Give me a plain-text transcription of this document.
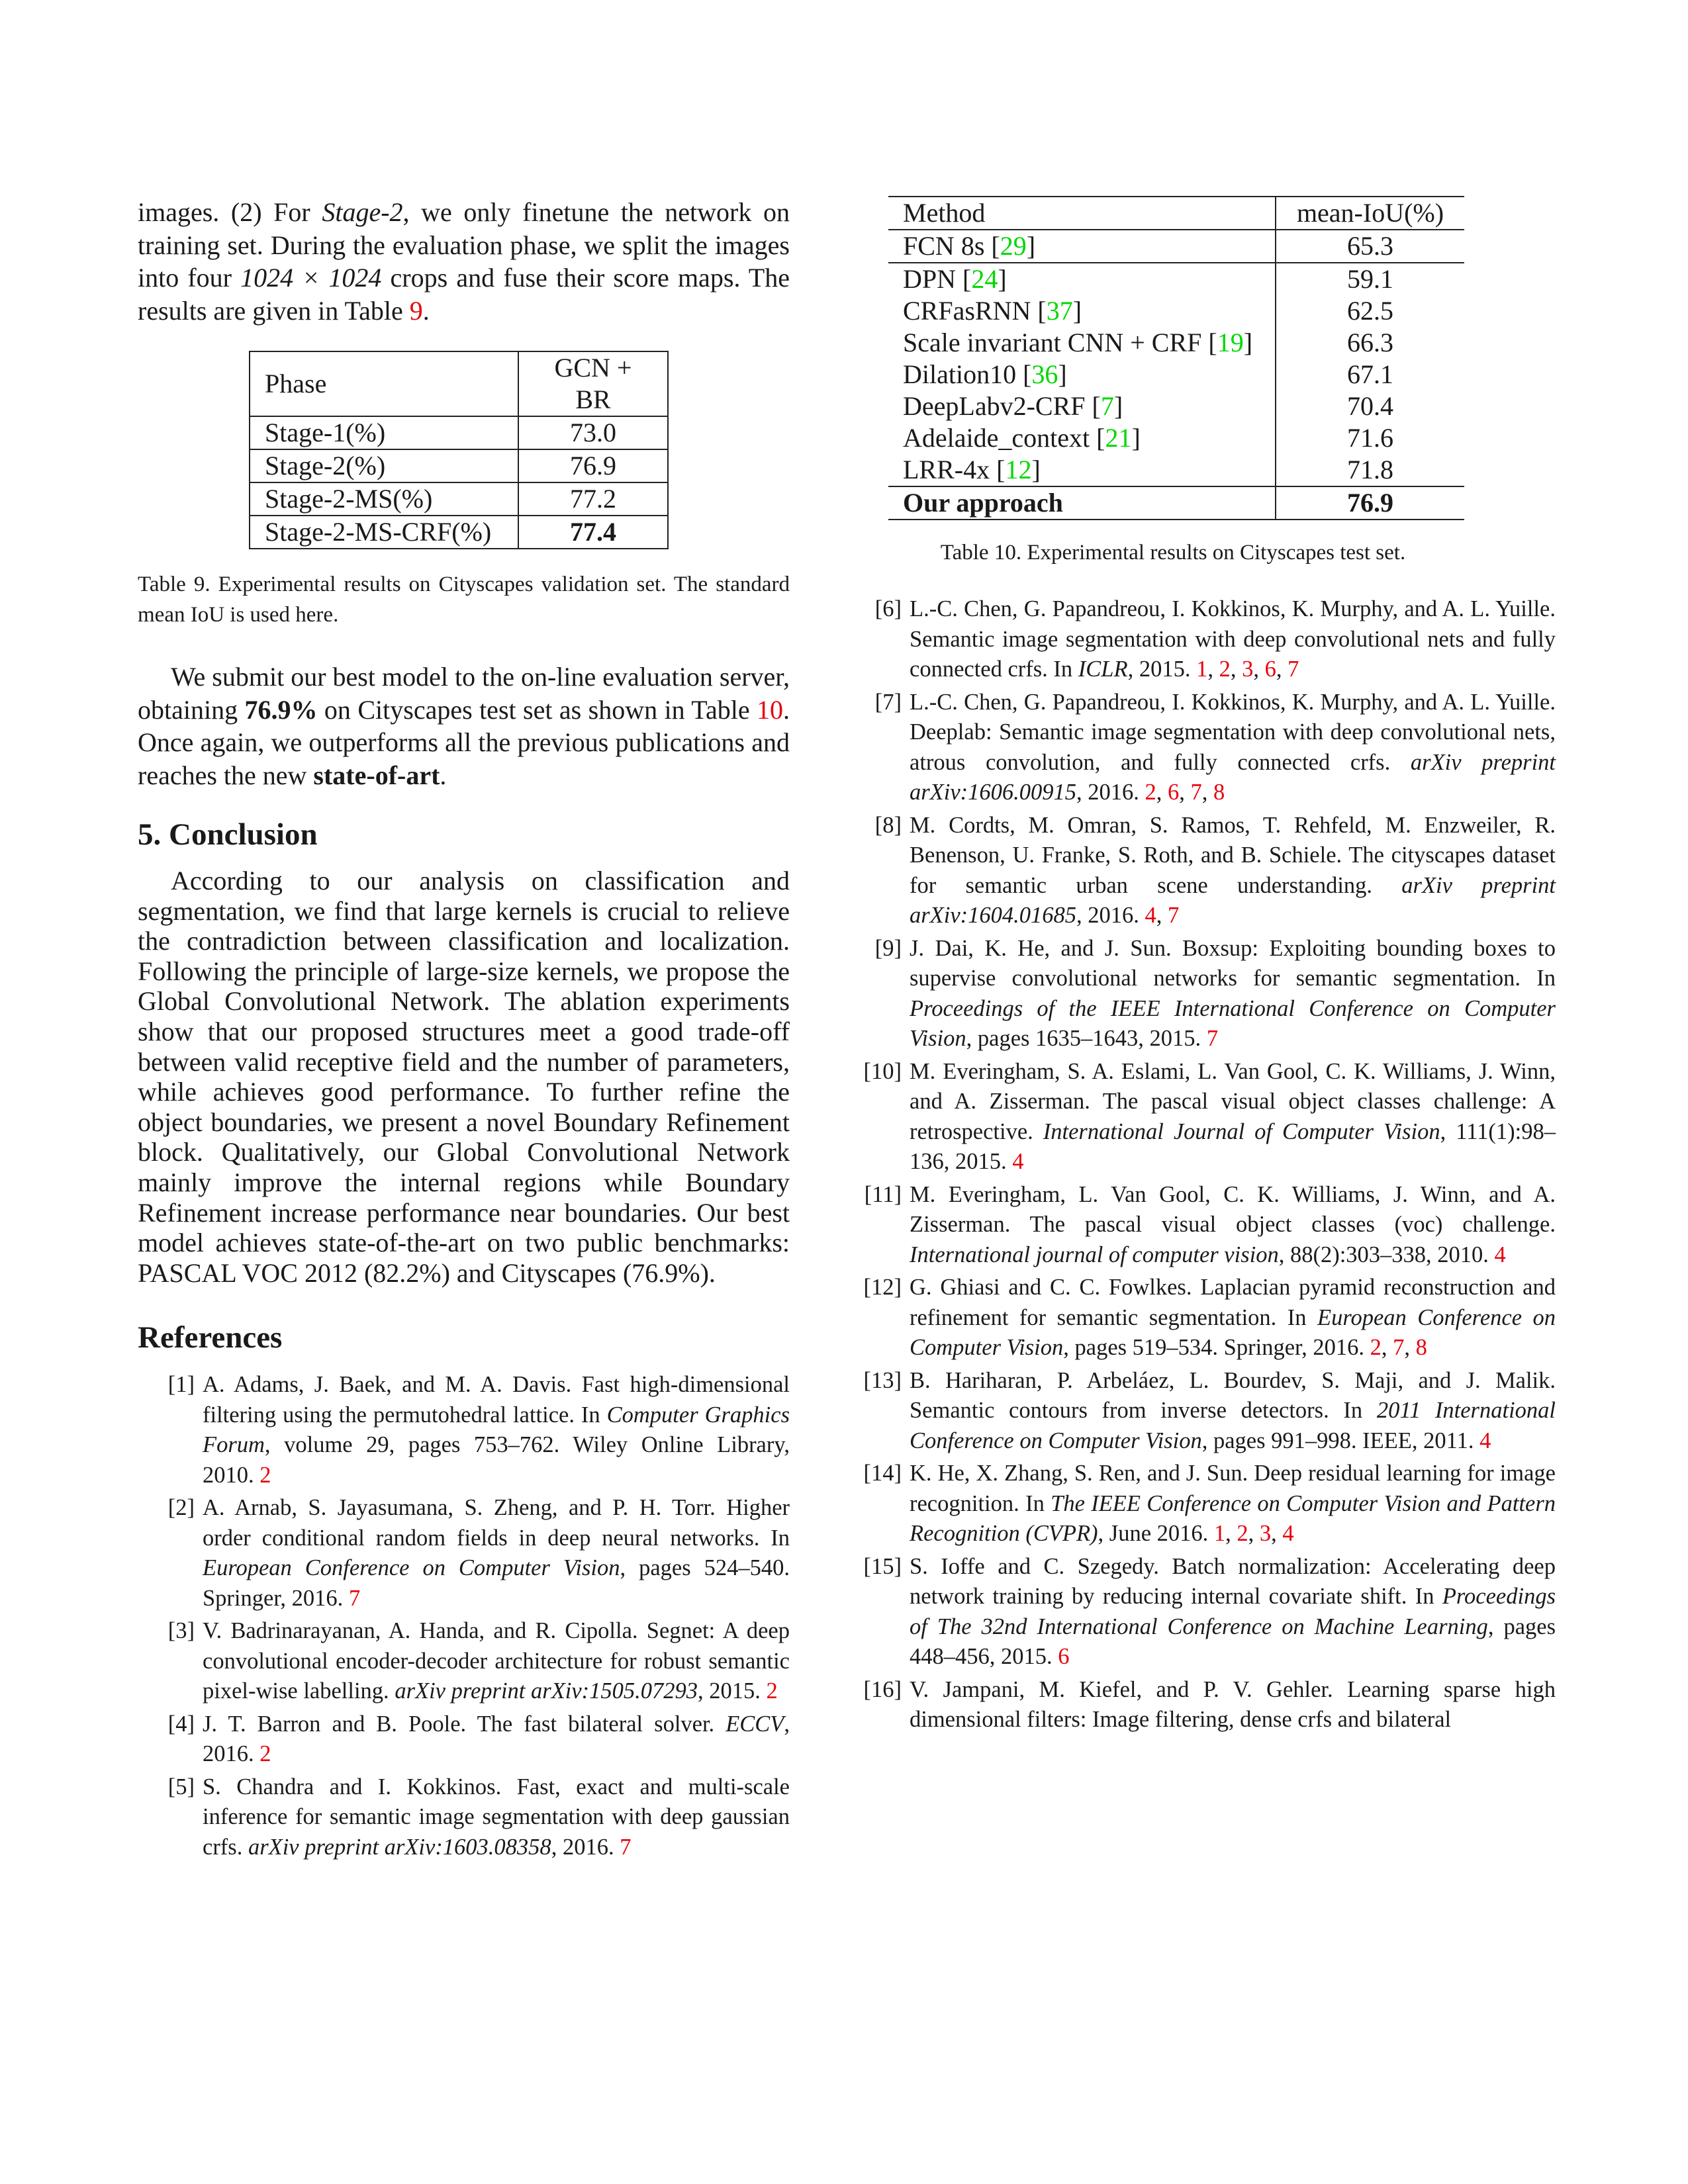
images. (2) For Stage-2, we only finetune the network on training set. During the evaluation phase, we split the images into four 1024 × 1024 crops and fuse their score maps. The results are given in Table 9.

Phase	GCN + BR
Stage-1(%)	73.0
Stage-2(%)	76.9
Stage-2-MS(%)	77.2
Stage-2-MS-CRF(%)	77.4

Table 9. Experimental results on Cityscapes validation set. The standard mean IoU is used here.

We submit our best model to the on-line evaluation server, obtaining 76.9% on Cityscapes test set as shown in Table 10. Once again, we outperforms all the previous publications and reaches the new state-of-art.

5. Conclusion

According to our analysis on classification and segmentation, we find that large kernels is crucial to relieve the contradiction between classification and localization. Following the principle of large-size kernels, we propose the Global Convolutional Network. The ablation experiments show that our proposed structures meet a good trade-off between valid receptive field and the number of parameters, while achieves good performance. To further refine the object boundaries, we present a novel Boundary Refinement block. Qualitatively, our Global Convolutional Network mainly improve the internal regions while Boundary Refinement increase performance near boundaries. Our best model achieves state-of-the-art on two public benchmarks: PASCAL VOC 2012 (82.2%) and Cityscapes (76.9%).

References
[1] A. Adams, J. Baek, and M. A. Davis. Fast high-dimensional filtering using the permutohedral lattice. In Computer Graphics Forum, volume 29, pages 753–762. Wiley Online Library, 2010. 2
[2] A. Arnab, S. Jayasumana, S. Zheng, and P. H. Torr. Higher order conditional random fields in deep neural networks. In European Conference on Computer Vision, pages 524–540. Springer, 2016. 7
[3] V. Badrinarayanan, A. Handa, and R. Cipolla. Segnet: A deep convolutional encoder-decoder architecture for robust semantic pixel-wise labelling. arXiv preprint arXiv:1505.07293, 2015. 2
[4] J. T. Barron and B. Poole. The fast bilateral solver. ECCV, 2016. 2
[5] S. Chandra and I. Kokkinos. Fast, exact and multi-scale inference for semantic image segmentation with deep gaussian crfs. arXiv preprint arXiv:1603.08358, 2016. 7
Method	mean-IoU(%)
FCN 8s [29]	65.3
DPN [24]	59.1
CRFasRNN [37]	62.5
Scale invariant CNN + CRF [19]	66.3
Dilation10 [36]	67.1
DeepLabv2-CRF [7]	70.4
Adelaide_context [21]	71.6
LRR-4x [12]	71.8
Our approach	76.9

Table 10. Experimental results on Cityscapes test set.

[6] L.-C. Chen, G. Papandreou, I. Kokkinos, K. Murphy, and A. L. Yuille. Semantic image segmentation with deep convolutional nets and fully connected crfs. In ICLR, 2015. 1, 2, 3, 6, 7
[7] L.-C. Chen, G. Papandreou, I. Kokkinos, K. Murphy, and A. L. Yuille. Deeplab: Semantic image segmentation with deep convolutional nets, atrous convolution, and fully connected crfs. arXiv preprint arXiv:1606.00915, 2016. 2, 6, 7, 8
[8] M. Cordts, M. Omran, S. Ramos, T. Rehfeld, M. Enzweiler, R. Benenson, U. Franke, S. Roth, and B. Schiele. The cityscapes dataset for semantic urban scene understanding. arXiv preprint arXiv:1604.01685, 2016. 4, 7
[9] J. Dai, K. He, and J. Sun. Boxsup: Exploiting bounding boxes to supervise convolutional networks for semantic segmentation. In Proceedings of the IEEE International Conference on Computer Vision, pages 1635–1643, 2015. 7
[10] M. Everingham, S. A. Eslami, L. Van Gool, C. K. Williams, J. Winn, and A. Zisserman. The pascal visual object classes challenge: A retrospective. International Journal of Computer Vision, 111(1):98–136, 2015. 4
[11] M. Everingham, L. Van Gool, C. K. Williams, J. Winn, and A. Zisserman. The pascal visual object classes (voc) challenge. International journal of computer vision, 88(2):303–338, 2010. 4
[12] G. Ghiasi and C. C. Fowlkes. Laplacian pyramid reconstruction and refinement for semantic segmentation. In European Conference on Computer Vision, pages 519–534. Springer, 2016. 2, 7, 8
[13] B. Hariharan, P. Arbeláez, L. Bourdev, S. Maji, and J. Malik. Semantic contours from inverse detectors. In 2011 International Conference on Computer Vision, pages 991–998. IEEE, 2011. 4
[14] K. He, X. Zhang, S. Ren, and J. Sun. Deep residual learning for image recognition. In The IEEE Conference on Computer Vision and Pattern Recognition (CVPR), June 2016. 1, 2, 3, 4
[15] S. Ioffe and C. Szegedy. Batch normalization: Accelerating deep network training by reducing internal covariate shift. In Proceedings of The 32nd International Conference on Machine Learning, pages 448–456, 2015. 6
[16] V. Jampani, M. Kiefel, and P. V. Gehler. Learning sparse high dimensional filters: Image filtering, dense crfs and bilateral
